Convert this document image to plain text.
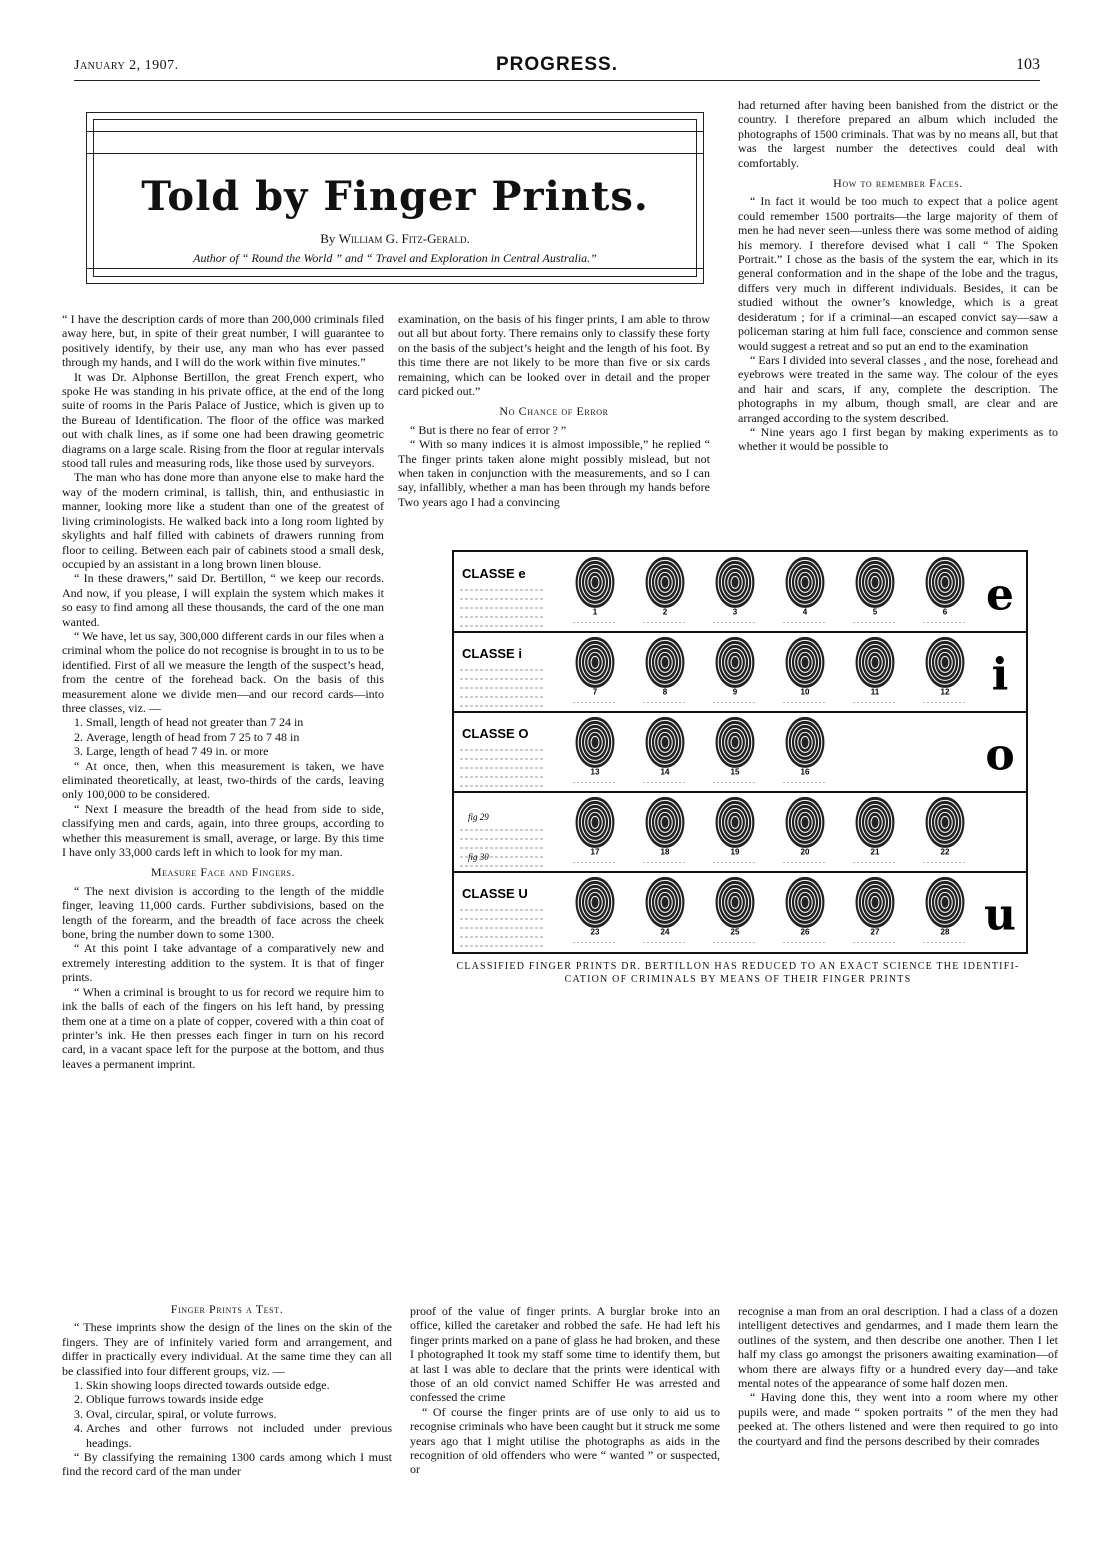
January 2, 1907.	PROGRESS.	103
Told by Finger Prints.
By William G. Fitz-Gerald.
Author of “ Round the World ” and “ Travel and Exploration in Central Australia.”

“ I have the description cards of more than 200,000 criminals filed away here, but, in spite of their great number, I will guarantee to positively identify, by their use, any man who has ever passed through my hands, and I will do the work within five minutes.”

It was Dr. Alphonse Bertillon, the great French expert, who spoke He was standing in his private office, at the end of the long suite of rooms in the Paris Palace of Justice, which is given up to the Bureau of Identification. The floor of the office was marked out with chalk lines, as if some one had been drawing geometric diagrams on a large scale. Rising from the floor at regular intervals stood tall rules and measuring rods, like those used by surveyors.

The man who has done more than anyone else to make hard the way of the modern criminal, is tallish, thin, and enthusiastic in manner, looking more like a student than one of the greatest of living criminologists. He walked back into a long room lighted by skylights and half filled with cabinets of drawers running from floor to ceiling. Between each pair of cabinets stood a small desk, occupied by an assistant in a long brown linen blouse.

“ In these drawers,” said Dr. Bertillon, “ we keep our records. And now, if you please, I will explain the system which makes it so easy to find among all these thousands, the card of the one man wanted.

“ We have, let us say, 300,000 different cards in our files when a criminal whom the police do not recognise is brought in to us to be identified. First of all we measure the length of the suspect’s head, from the centre of the forehead back. On the basis of this measurement alone we divide men—and our record cards—into three classes, viz. —

1. Small, length of head not greater than 7 24 in
2. Average, length of head from 7 25 to 7 48 in
3. Large, length of head 7 49 in. or more

“ At once, then, when this measurement is taken, we have eliminated theoretically, at least, two-thirds of the cards, leaving only 100,000 to be considered.

“ Next I measure the breadth of the head from side to side, classifying men and cards, again, into three groups, according to whether this measurement is small, average, or large. By this time I have only 33,000 cards left in which to look for my man.

Measure Face and Fingers.

“ The next division is according to the length of the middle finger, leaving 11,000 cards. Further subdivisions, based on the length of the forearm, and the breadth of face across the cheek bone, bring the number down to some 1300.

“ At this point I take advantage of a comparatively new and extremely interesting addition to the system. It is that of finger prints.

“ When a criminal is brought to us for record we require him to ink the balls of each of the fingers on his left hand, by pressing them one at a time on a plate of copper, covered with a thin coat of printer’s ink. He then presses each finger in turn on his record card, in a vacant space left for the purpose at the bottom, and thus leaves a permanent imprint.

Finger Prints a Test.

“ These imprints show the design of the lines on the skin of the fingers. They are of infinitely varied form and arrangement, and differ in practically every individual. At the same time they can all be classified into four different groups, viz. —

1. Skin showing loops directed towards outside edge.
2. Oblique furrows towards inside edge
3. Oval, circular, spiral, or volute furrows.
4. Arches and other furrows not included under previous headings.

“ By classifying the remaining 1300 cards among which I must find the record card of the man under

examination, on the basis of his finger prints, I am able to throw out all but about forty. There remains only to classify these forty on the basis of the subject’s height and the length of his foot. By this time there are not likely to be more than five or six cards remaining, which can be looked over in detail and the proper card picked out.”

No Chance of Error

“ But is there no fear of error ? ”

“ With so many indices it is almost impossible,” he replied “ The finger prints taken alone might possibly mislead, but not when taken in conjunction with the measurements, and so I can say, infallibly, whether a man has been through my hands before Two years ago I had a convincing

proof of the value of finger prints. A burglar broke into an office, killed the caretaker and robbed the safe. He had left his finger prints marked on a pane of glass he had broken, and these I photographed It took my staff some time to identify them, but at last I was able to declare that the prints were identical with those of an old convict named Schiffer He was arrested and confessed the crime

“ Of course the finger prints are of use only to aid us to recognise criminals who have been caught but it struck me some years ago that I might utilise the photographs as aids in the recognition of old offenders who were “ wanted ” or suspected, or

had returned after having been banished from the district or the country. I therefore prepared an album which included the photographs of 1500 criminals. That was by no means all, but that was the largest number the detectives could deal with comfortably.

How to remember Faces.

“ In fact it would be too much to expect that a police agent could remember 1500 portraits—the large majority of them of men he had never seen—unless there was some method of aiding his memory. I therefore devised what I call “ The Spoken Portrait.” I chose as the basis of the system the ear, which in its general conformation and in the shape of the lobe and the tragus, differs very much in different individuals. Besides, it can be studied without the owner’s knowledge, which is a great desideratum ; for if a criminal—an escaped convict say—saw a policeman staring at him full face, conscience and common sense would suggest a retreat and so put an end to the examination

“ Ears I divided into several classes , and the nose, forehead and eyebrows were treated in the same way. The colour of the eyes and hair and scars, if any, complete the description. The photographs in my album, though small, are clear and are arranged according to the system described.

“ Nine years ago I first began by making experiments as to whether it would be possible to

recognise a man from an oral description. I had a class of a dozen intelligent detectives and gendarmes, and I made them learn the outlines of the system, and then describe one another. Then I let half my class go amongst the prisoners awaiting examination—of whom there are always fifty or a hundred every day—and take mental notes of the appearance of some half dozen men.

“ Having done this, they went into a room where my other pupils were, and made “ spoken portraits ” of the men they had peeked at. The others listened and were then required to go into the courtyard and find the persons described by their comrades

CLASSE e	e
1	2	3	4	5	6
CLASSE i	i
7	8	9	10	11	12
CLASSE O	o
13	14	15	16
17	18	19	20	21	22
CLASSE U	u
23	24	25	26	27	28
fig 29
fig 30
CLASSIFIED FINGER PRINTS DR. BERTILLON HAS REDUCED TO AN EXACT SCIENCE THE IDENTIFI-
CATION OF CRIMINALS BY MEANS OF THEIR FINGER PRINTS
